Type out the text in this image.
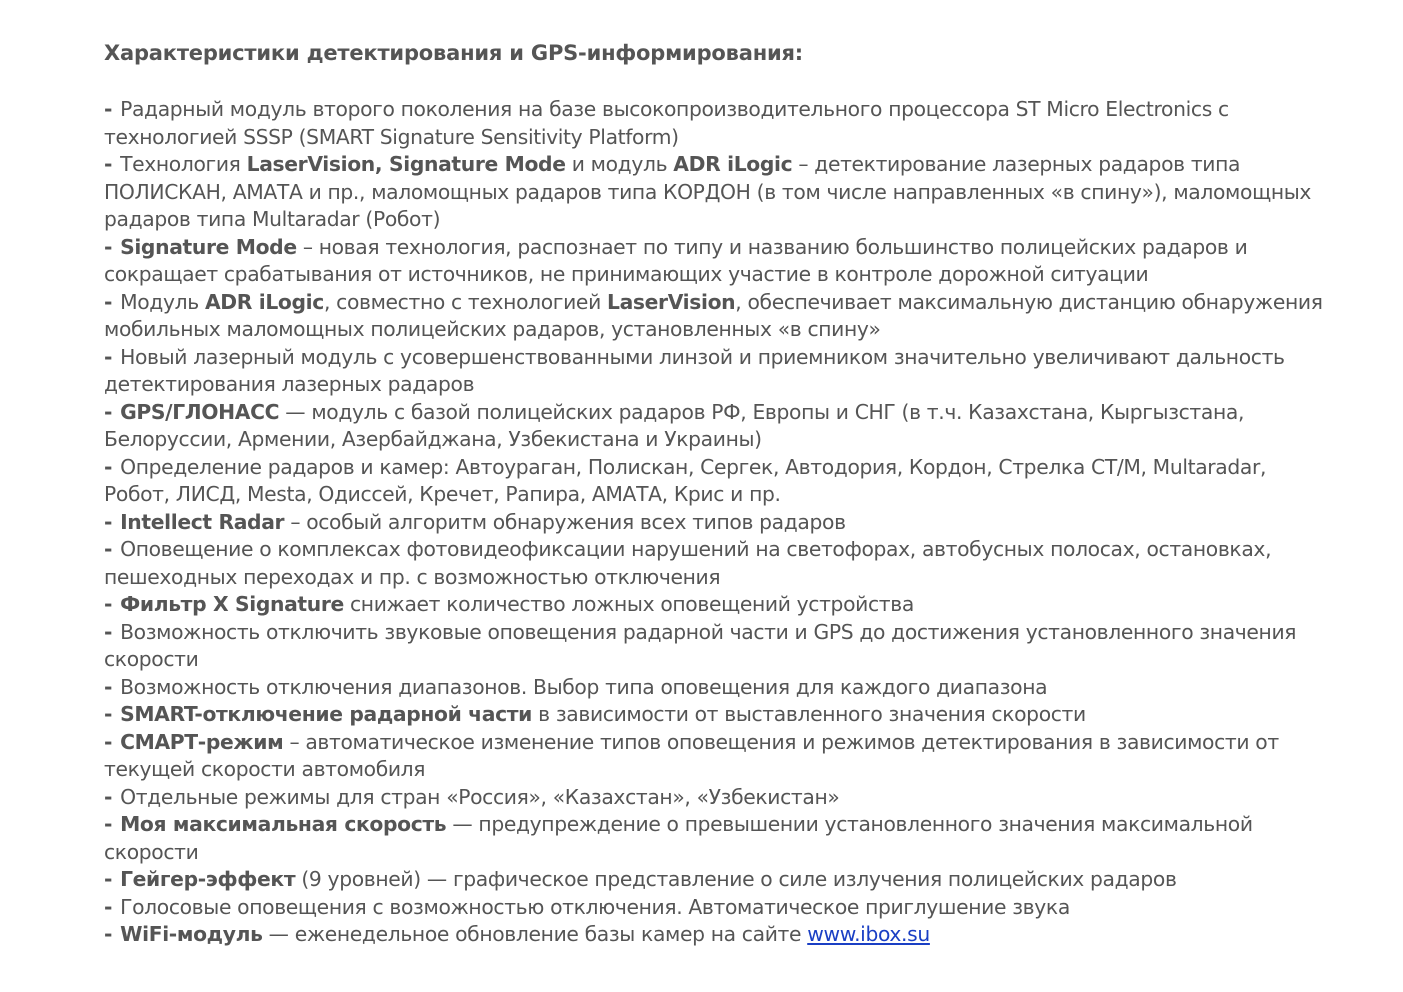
Характеристики детектирования и GPS-информирования:
- Радарный модуль второго поколения на базе высокопроизводительного процессора ST Micro Electronics с технологией SSSP (SMART Signature Sensitivity Platform)
- Технология LaserVision, Signature Mode и модуль ADR iLogic – детектирование лазерных радаров типа ПОЛИСКАН, АМАТА и пр., маломощных радаров типа КОРДОН (в том числе направленных «в спину»), маломощных радаров типа Multaradar (Робот)
- Signature Mode – новая технология, распознает по типу и названию большинство полицейских радаров и сокращает срабатывания от источников, не принимающих участие в контроле дорожной ситуации
- Модуль ADR iLogic, совместно с технологией LaserVision, обеспечивает максимальную дистанцию обнаружения мобильных маломощных полицейских радаров, установленных «в спину»
- Новый лазерный модуль с усовершенствованными линзой и приемником значительно увеличивают дальность детектирования лазерных радаров
- GPS/ГЛОНАСС — модуль с базой полицейских радаров РФ, Европы и СНГ (в т.ч. Казахстана, Кыргызстана, Белоруссии, Армении, Азербайджана, Узбекистана и Украины)
- Определение радаров и камер: Автоураган, Полискан, Сергек, Автодория, Кордон, Стрелка СТ/М, Multaradar, Робот, ЛИСД, Mesta, Одиссей, Кречет, Рапира, АМАТА, Крис и пр.
- Intellect Radar – особый алгоритм обнаружения всех типов радаров
- Оповещение о комплексах фотовидеофиксации нарушений на светофорах, автобусных полосах, остановках, пешеходных переходах и пр. с возможностью отключения
- Фильтр X Signature снижает количество ложных оповещений устройства
- Возможность отключить звуковые оповещения радарной части и GPS до достижения установленного значения скорости
- Возможность отключения диапазонов. Выбор типа оповещения для каждого диапазона
- SMART-отключение радарной части в зависимости от выставленного значения скорости
- СМАРТ-режим – автоматическое изменение типов оповещения и режимов детектирования в зависимости от текущей скорости автомобиля
- Отдельные режимы для стран «Россия», «Казахстан», «Узбекистан»
- Моя максимальная скорость — предупреждение о превышении установленного значения максимальной скорости
- Гейгер-эффект (9 уровней) — графическое представление о силе излучения полицейских радаров
- Голосовые оповещения с возможностью отключения. Автоматическое приглушение звука
- WiFi-модуль — еженедельное обновление базы камер на сайте www.ibox.su
